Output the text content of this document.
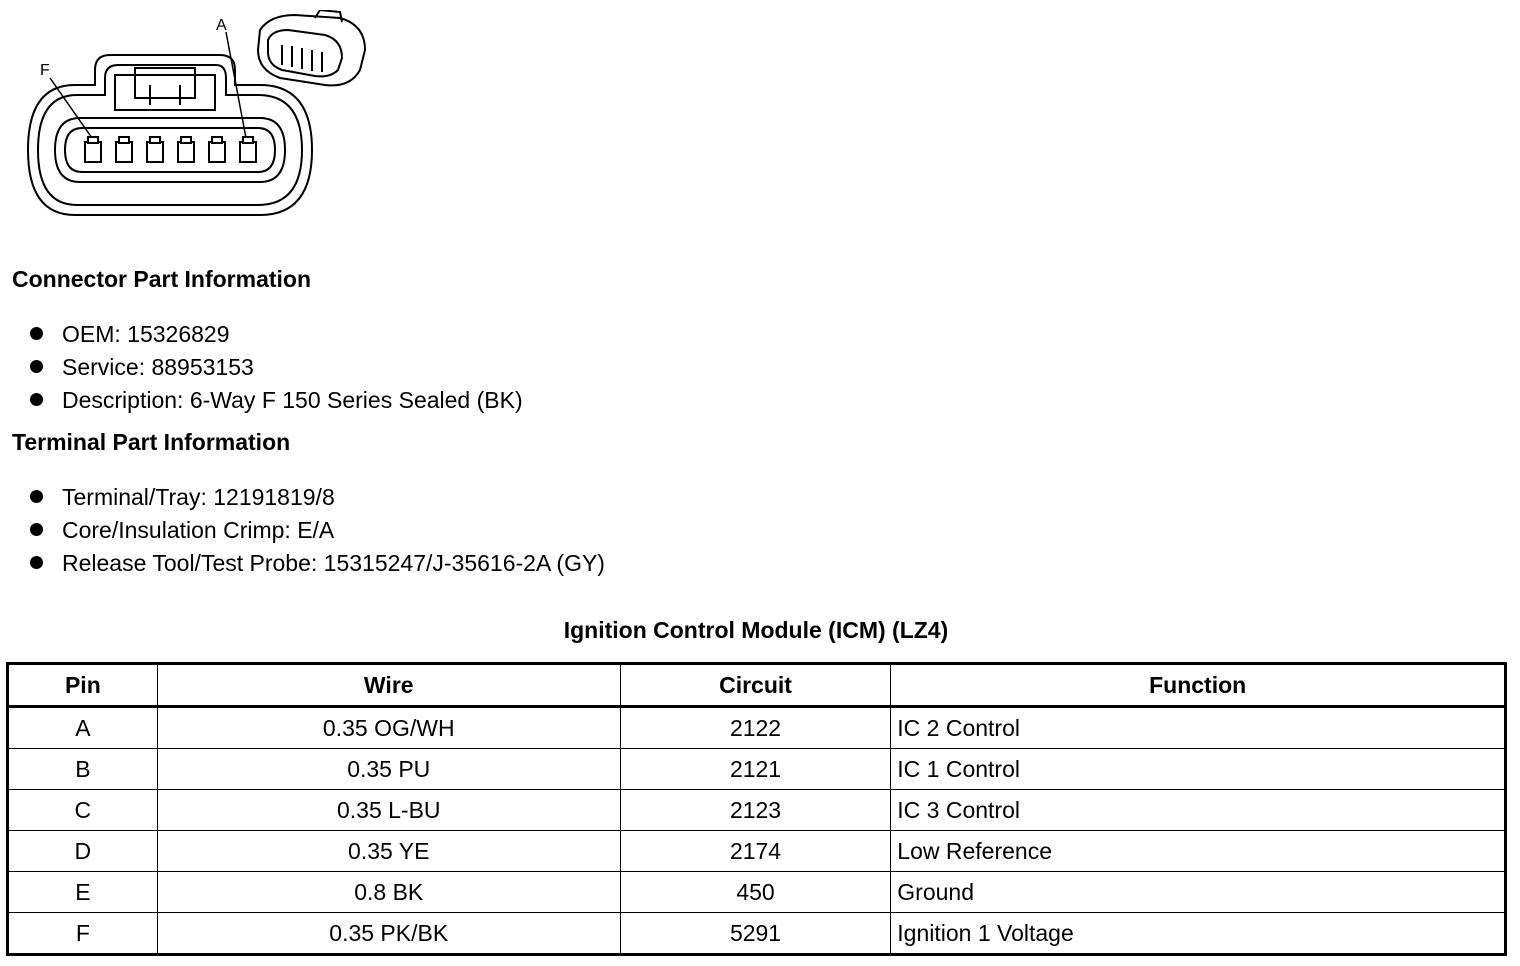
F
A
Connector Part Information
OEM: 15326829
Service: 88953153
Description: 6-Way F 150 Series Sealed (BK)
Terminal Part Information
Terminal/Tray: 12191819/8
Core/Insulation Crimp: E/A
Release Tool/Test Probe: 15315247/J-35616-2A (GY)
Ignition Control Module (ICM) (LZ4)
Pin	Wire	Circuit	Function
A	0.35 OG/WH	2122	IC 2 Control
B	0.35 PU	2121	IC 1 Control
C	0.35 L-BU	2123	IC 3 Control
D	0.35 YE	2174	Low Reference
E	0.8 BK	450	Ground
F	0.35 PK/BK	5291	Ignition 1 Voltage
